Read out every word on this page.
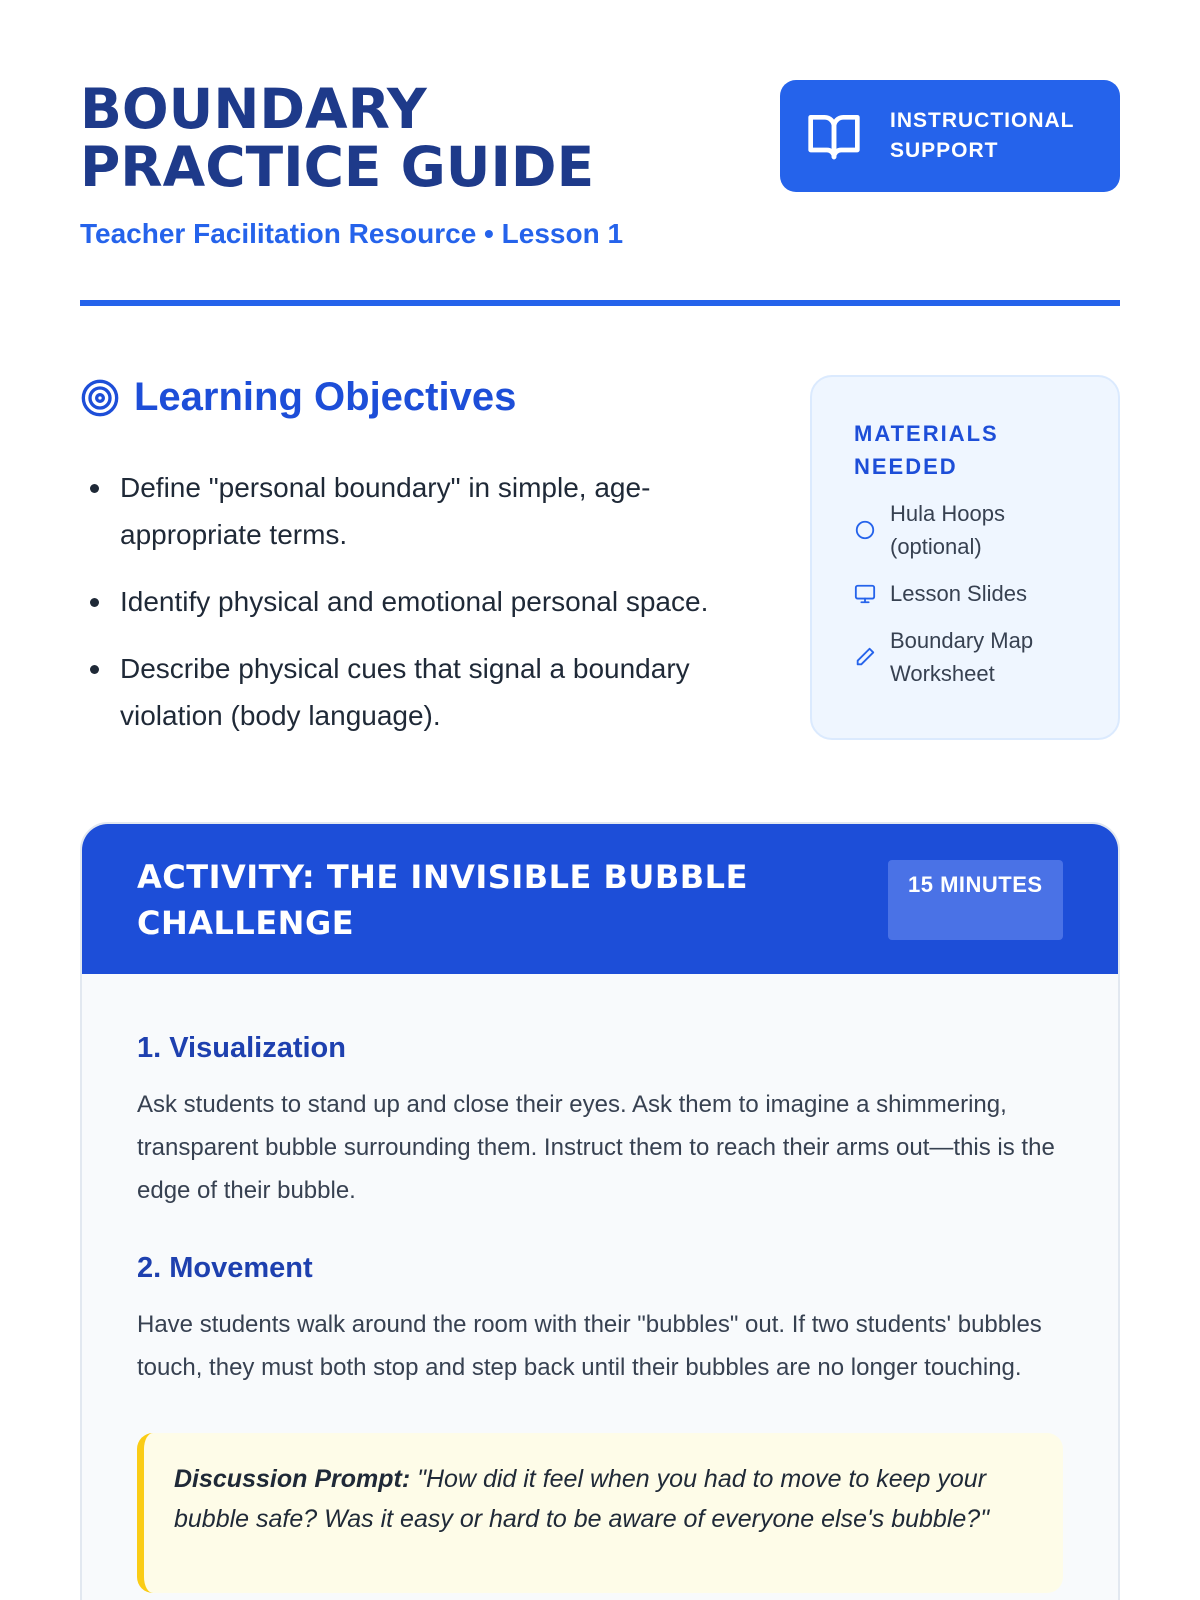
BOUNDARY PRACTICE GUIDE
Teacher Facilitation Resource • Lesson 1
INSTRUCTIONAL
SUPPORT
Learning Objectives
Define "personal boundary" in simple, age-appropriate terms.
Identify physical and emotional personal space.
Describe physical cues that signal a boundary violation (body language).
MATERIALS NEEDED
Hula Hoops (optional)
Lesson Slides
Boundary Map Worksheet
ACTIVITY: THE INVISIBLE BUBBLE CHALLENGE
15 MINUTES
1. Visualization
Ask students to stand up and close their eyes. Ask them to imagine a shimmering, transparent bubble surrounding them. Instruct them to reach their arms out—this is the edge of their bubble.
2. Movement
Have students walk around the room with their "bubbles" out. If two students' bubbles touch, they must both stop and step back until their bubbles are no longer touching.
Discussion Prompt: "How did it feel when you had to move to keep your bubble safe? Was it easy or hard to be aware of everyone else's bubble?"
